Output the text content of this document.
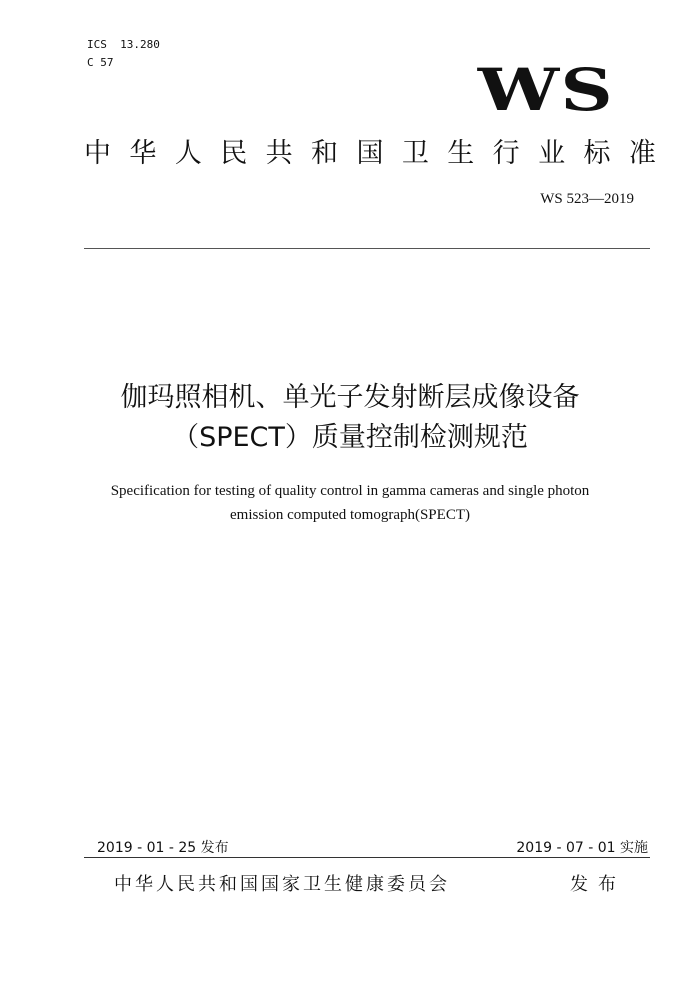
ICS  13.280
C 57	WS
中 华 人 民 共 和 国 卫 生 行 业 标 准
WS 523—2019
伽玛照相机、单光子发射断层成像设备
（SPECT）质量控制检测规范
Specification for testing of quality control in gamma cameras and single photon
emission computed tomograph(SPECT)
2019 - 01 - 25 发布	2019 - 07 - 01 实施
中华人民共和国国家卫生健康委员会	发布
